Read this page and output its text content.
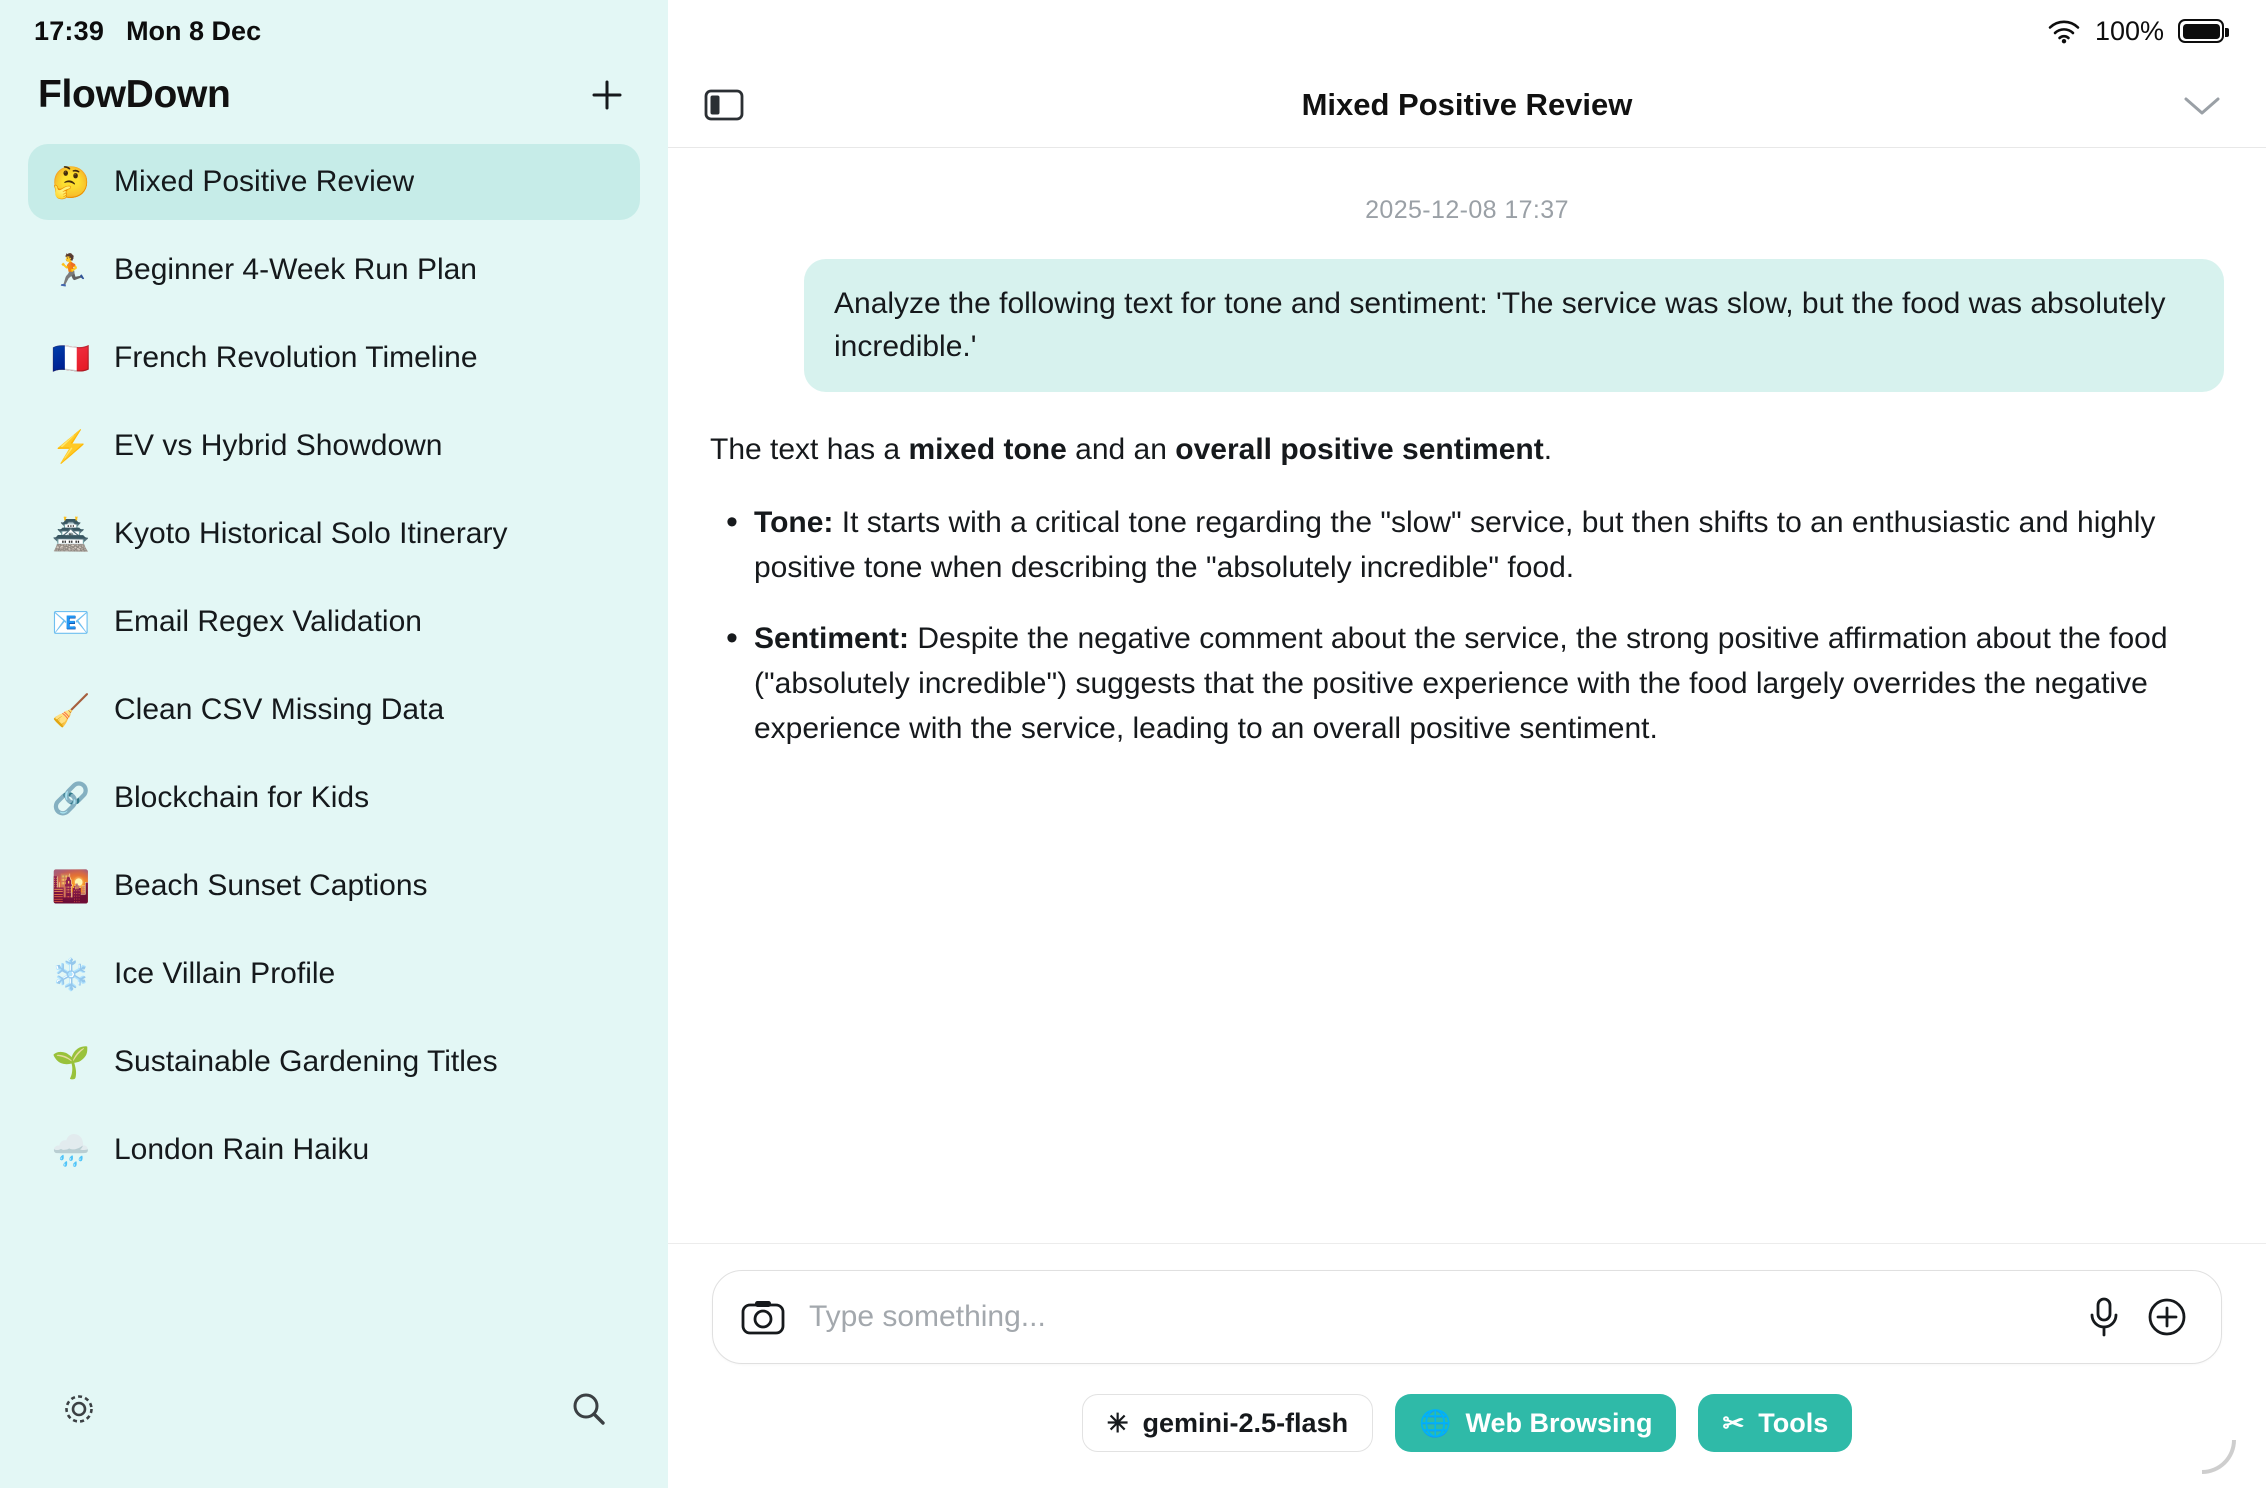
17:39 Mon 8 Dec
FlowDown
🤔 Mixed Positive Review
🏃 Beginner 4-Week Run Plan
🇫🇷 French Revolution Timeline
⚡ EV vs Hybrid Showdown
🏯 Kyoto Historical Solo Itinerary
📧 Email Regex Validation
🧹 Clean CSV Missing Data
🔗 Blockchain for Kids
🌇 Beach Sunset Captions
❄️ Ice Villain Profile
🌱 Sustainable Gardening Titles
🌧️ London Rain Haiku
100%
Mixed Positive Review
2025-12-08 17:37
Analyze the following text for tone and sentiment: 'The service was slow, but the food was absolutely incredible.'

The text has a mixed tone and an overall positive sentiment.

• Tone: It starts with a critical tone regarding the "slow" service, but then shifts to an enthusiastic and highly positive tone when describing the "absolutely incredible" food.
• Sentiment: Despite the negative comment about the service, the strong positive affirmation about the food ("absolutely incredible") suggests that the positive experience with the food largely overrides the negative experience with the service, leading to an overall positive sentiment.
Type something...
✳ gemini-2.5-flash	🌐 Web Browsing	✂ Tools
